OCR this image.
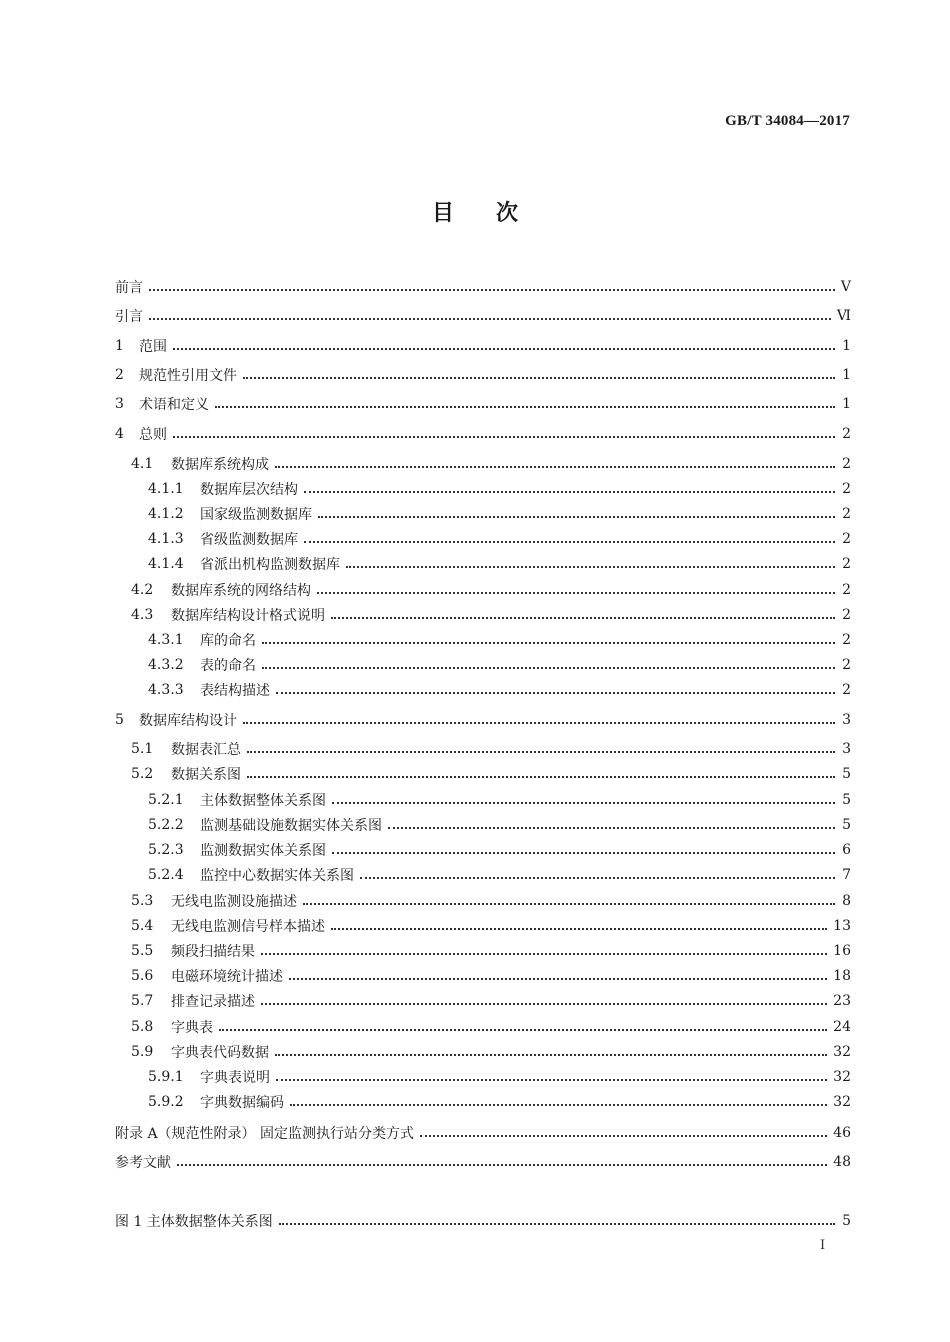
GB/T 34084—2017
目 次
前言	Ⅴ
引言	Ⅵ
1	范围	1
2	规范性引用文件	1
3	术语和定义	1
4	总则	2
4.1	数据库系统构成	2
4.1.1	数据库层次结构	2
4.1.2	国家级监测数据库	2
4.1.3	省级监测数据库	2
4.1.4	省派出机构监测数据库	2
4.2	数据库系统的网络结构	2
4.3	数据库结构设计格式说明	2
4.3.1	库的命名	2
4.3.2	表的命名	2
4.3.3	表结构描述	2
5	数据库结构设计	3
5.1	数据表汇总	3
5.2	数据关系图	5
5.2.1	主体数据整体关系图	5
5.2.2	监测基础设施数据实体关系图	5
5.2.3	监测数据实体关系图	6
5.2.4	监控中心数据实体关系图	7
5.3	无线电监测设施描述	8
5.4	无线电监测信号样本描述	13
5.5	频段扫描结果	16
5.6	电磁环境统计描述	18
5.7	排查记录描述	23
5.8	字典表	24
5.9	字典表代码数据	32
5.9.1	字典表说明	32
5.9.2	字典数据编码	32
附录 A（规范性附录） 固定监测执行站分类方式	46
参考文献	48
图 1 主体数据整体关系图	5
Ⅰ
